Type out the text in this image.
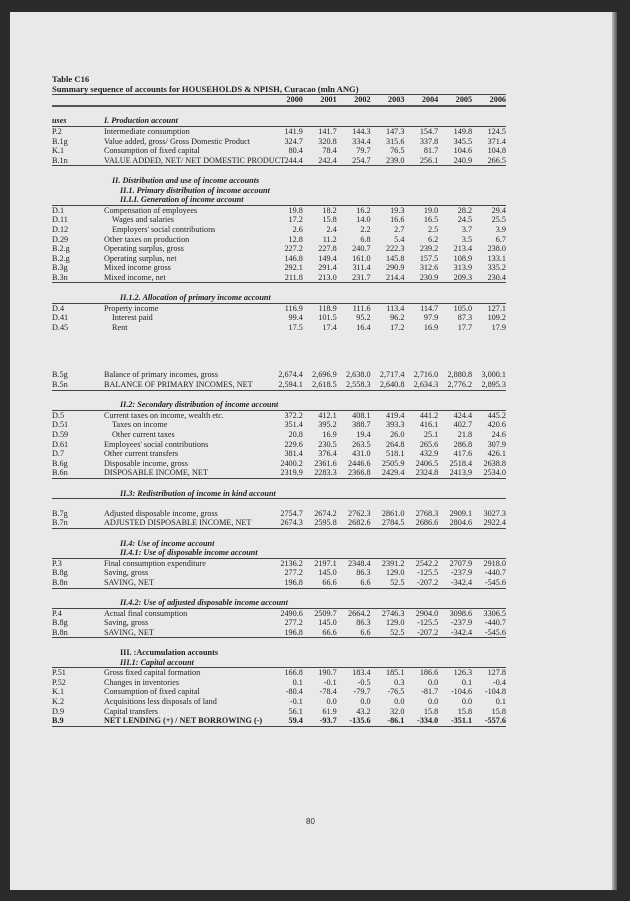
Table C16
Summary sequence of accounts for HOUSEHOLDS & NPISH, Curacao (mln ANG)
		2000	2001	2002	2003	2004	2005	2006

uses	I. Production account							
P.2	Intermediate consumption	141.9	141.7	144.3	147.3	154.7	149.8	124.5
B.1g	Value added, gross/ Gross Domestic Product	324.7	320.8	334.4	315.6	337.8	345.5	371.4
K.1	Consumption of fixed capital	80.4	78.4	79.7	76.5	81.7	104.6	104.8
B.1n	VALUE ADDED, NET/ NET DOMESTIC PRODUCT	244.4	242.4	254.7	239.0	256.1	240.9	266.5

	II. Distribution and use of income accounts							
	II.1. Primary distribution of income account							
	II.I.I. Generation of income account							
D.1	Compensation of employees	19.8	18.2	16.2	19.3	19.0	28.2	29.4
D.11	Wages and salaries	17.2	15.8	14.0	16.6	16.5	24.5	25.5
D.12	Employers' social contributions	2.6	2.4	2.2	2.7	2.5	3.7	3.9
D.29	Other taxes on production	12.8	11.2	6.8	5.4	6.2	3.5	6.7
B.2.g	Operating surplus, gross	227.2	227.8	240.7	222.3	239.2	213.4	238.0
B.2.g	Operating surplus, net	146.8	149.4	161.0	145.8	157.5	108.9	133.1
B.3g	Mixed income gross	292.1	291.4	311.4	290.9	312.6	313.9	335.2
B.3n	Mixed income, net	211.8	213.0	231.7	214.4	230.9	209.3	230.4

	II.1.2. Allocation of primary income account							
D.4	Property income	116.9	118.9	111.6	113.4	114.7	105.0	127.1
D.41	Interest paid	99.4	101.5	95.2	96.2	97.9	87.3	109.2
D.45	Rent	17.5	17.4	16.4	17.2	16.9	17.7	17.9

B.5g	Balance of primary incomes, gross	2,674.4	2,696.9	2,638.0	2,717.4	2,716.0	2,880.8	3,000.1
B.5n	BALANCE OF PRIMARY INCOMES, NET	2,594.1	2,618.5	2,558.3	2,640.8	2,634.3	2,776.2	2,895.3

	II.2: Secondary distribution of income account							
D.5	Current taxes on income, wealth etc.	372.2	412.1	408.1	419.4	441.2	424.4	445.2
D.51	Taxes on income	351.4	395.2	388.7	393.3	416.1	402.7	420.6
D.59	Other current taxes	20.8	16.9	19.4	26.0	25.1	21.8	24.6
D.61	Employees' social contributions	229.6	230.5	263.5	264.8	265.6	286.8	307.9
D.7	Other current transfers	381.4	376.4	431.0	518.1	432.9	417.6	426.1
B.6g	Disposable income, gross	2400.2	2361.6	2446.6	2505.9	2406.5	2518.4	2638.8
B.6n	DISPOSABLE INCOME, NET	2319.9	2283.3	2366.8	2429.4	2324.8	2413.9	2534.0

	II.3: Redistribution of income in kind account							

B.7g	Adjusted disposable income, gross	2754.7	2674.2	2762.3	2861.0	2768.3	2909.1	3027.3
B.7n	ADJUSTED DISPOSABLE INCOME, NET	2674.3	2595.8	2682.6	2784.5	2686.6	2804.6	2922.4

	II.4: Use of income account							
	II.4.1: Use of disposable income account							
P.3	Final consumption expenditure	2136.2	2197.1	2348.4	2391.2	2542.2	2707.9	2918.0
B.8g	Saving, gross	277.2	145.0	86.3	129.0	-125.5	-237.9	-440.7
B.8n	SAVING, NET	196.8	66.6	6.6	52.5	-207.2	-342.4	-545.6

	II.4.2: Use of adjusted disposable income account							
P.4	Actual final consumption	2490.6	2509.7	2664.2	2746.3	2904.0	3098.6	3306.5
B.8g	Saving, gross	277.2	145.0	86.3	129.0	-125.5	-237.9	-440.7
B.8n	SAVING, NET	196.8	66.6	6.6	52.5	-207.2	-342.4	-545.6

	III. :Accumulation accounts							
	III.1: Capital account							
P.51	Gross fixed capital formation	166.8	190.7	183.4	185.1	186.6	126.3	127.8
P.52	Changes in inventories	0.1	-0.1	-0.5	0.3	0.0	0.1	-0.4
K.1	Consumption of fixed capital	-80.4	-78.4	-79.7	-76.5	-81.7	-104.6	-104.8
K.2	Acquisitions less disposals of land	-0.1	0.0	0.0	0.0	0.0	0.0	0.1
D.9	Capital transfers	56.1	61.9	43.2	32.0	15.8	15.8	15.8
B.9	NET LENDING (+) / NET BORROWING (-)	59.4	-93.7	-135.6	-86.1	-334.0	-351.1	-557.6
80
